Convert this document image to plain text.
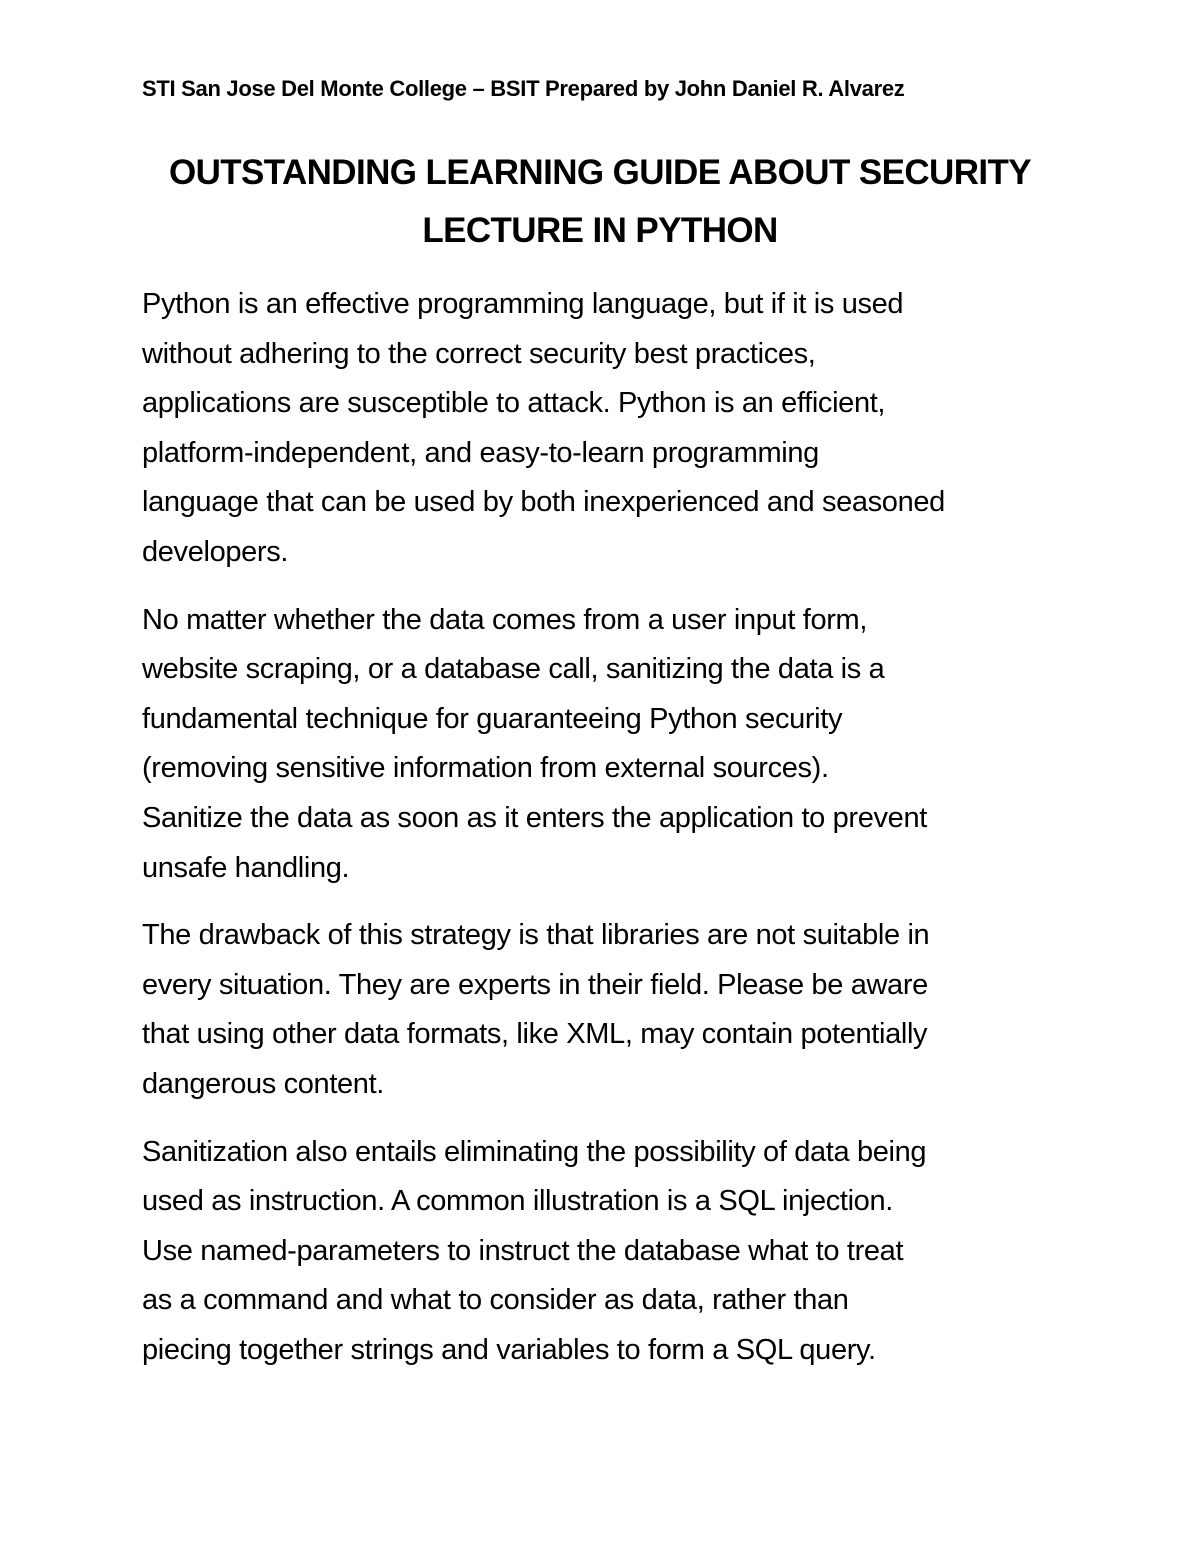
STI San Jose Del Monte College – BSIT Prepared by John Daniel R. Alvarez
OUTSTANDING LEARNING GUIDE ABOUT SECURITY
LECTURE IN PYTHON

Python is an effective programming language, but if it is used
without adhering to the correct security best practices,
applications are susceptible to attack. Python is an efficient,
platform-independent, and easy-to-learn programming
language that can be used by both inexperienced and seasoned
developers.

No matter whether the data comes from a user input form,
website scraping, or a database call, sanitizing the data is a
fundamental technique for guaranteeing Python security
(removing sensitive information from external sources).
Sanitize the data as soon as it enters the application to prevent
unsafe handling.

The drawback of this strategy is that libraries are not suitable in
every situation. They are experts in their field. Please be aware
that using other data formats, like XML, may contain potentially
dangerous content.

Sanitization also entails eliminating the possibility of data being
used as instruction. A common illustration is a SQL injection.
Use named-parameters to instruct the database what to treat
as a command and what to consider as data, rather than
piecing together strings and variables to form a SQL query.
